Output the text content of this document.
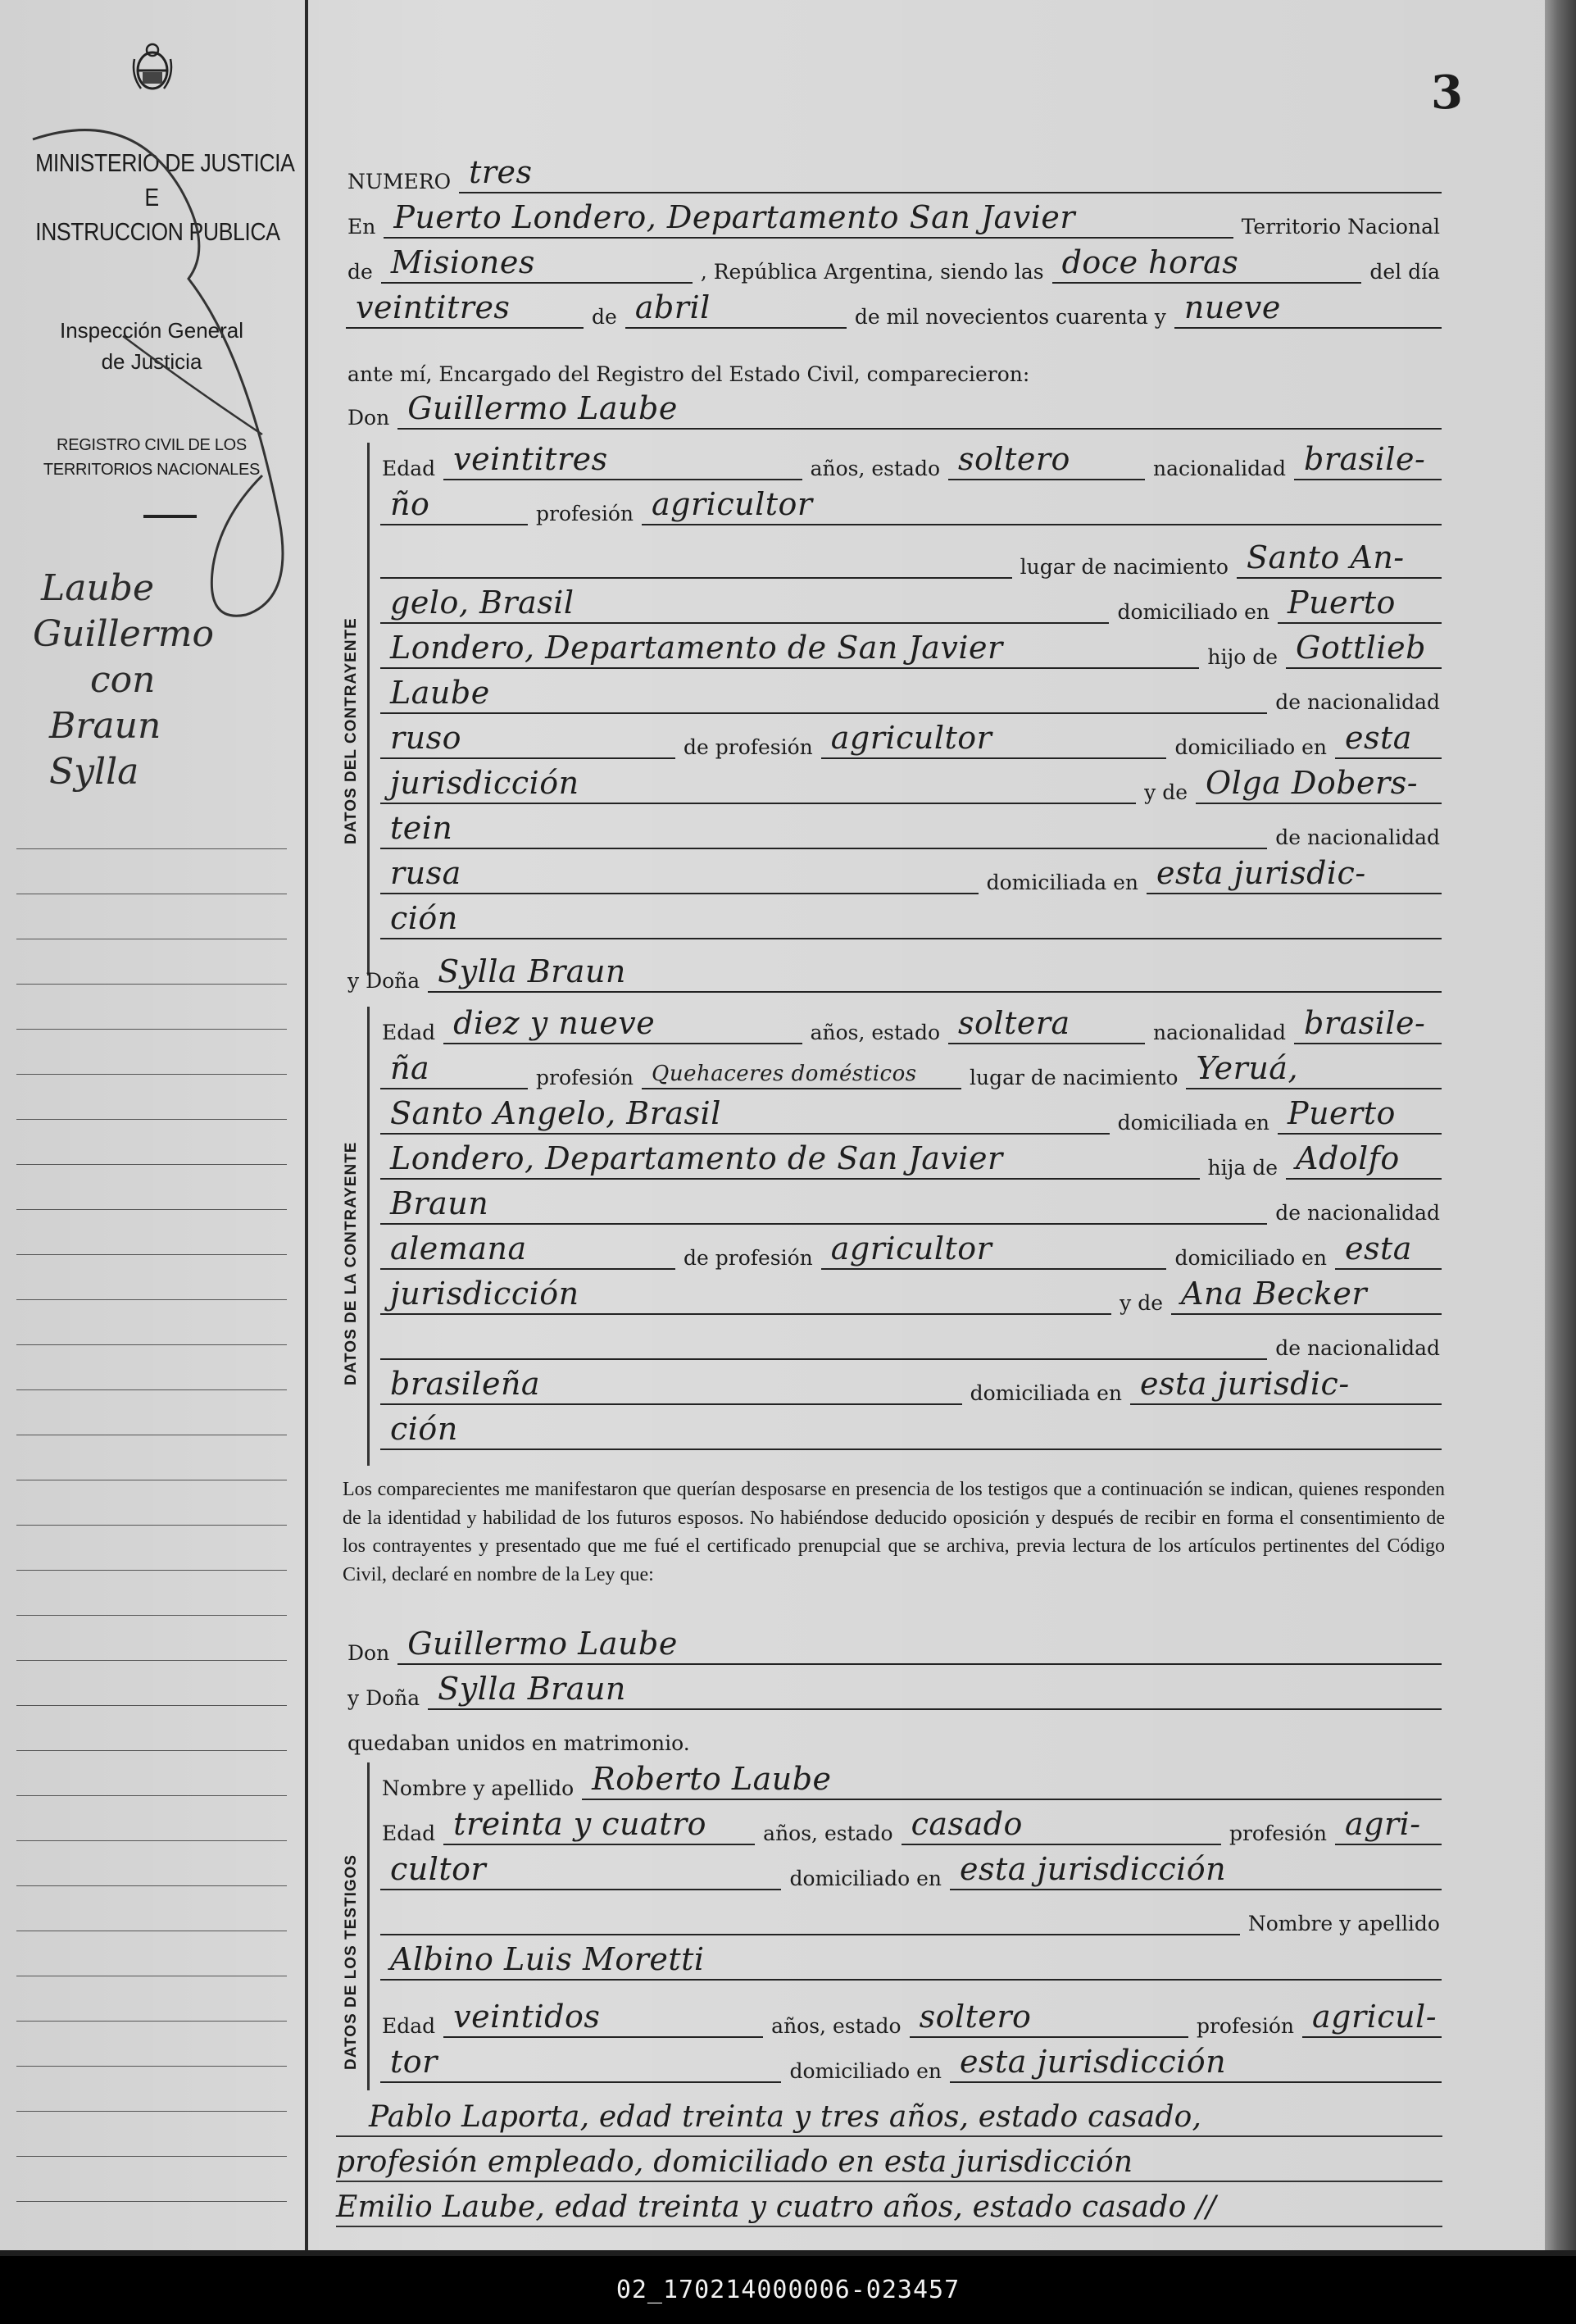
MINISTERIO DE JUSTICIA
E
INSTRUCCION PUBLICA
Inspección General
de Justicia
REGISTRO CIVIL DE LOS
TERRITORIOS NACIONALES
Laube
Guillermo
con
Braun
Sylla
3
NUMERO tres
En Puerto Londero, Departamento San Javier	Territorio Nacional
de Misiones	, República Argentina, siendo las doce horas	del día
veintitres	de abril	de mil novecientos cuarenta y nueve
ante mí, Encargado del Registro del Estado Civil, comparecieron:
Don Guillermo Laube
DATOS DEL CONTRAYENTE
Edad veintitres	años, estado soltero	nacionalidad brasile-
ño	profesión agricultor
lugar de nacimiento Santo An-
gelo, Brasil	domiciliado en Puerto
Londero, Departamento de San Javier	hijo de Gottlieb
Laube	de nacionalidad
ruso	de profesión agricultor	domiciliado en esta
jurisdicción	y de Olga Dobers-
tein	de nacionalidad
rusa	domiciliada en esta jurisdic-
ción
y Doña Sylla Braun
DATOS DE LA CONTRAYENTE
Edad diez y nueve	años, estado soltera	nacionalidad brasile-
ña	profesión Quehaceres domésticos	lugar de nacimiento Yeruá,
Santo Angelo, Brasil	domiciliada en Puerto
Londero, Departamento de San Javier	hija de Adolfo
Braun	de nacionalidad
alemana	de profesión agricultor	domiciliado en esta
jurisdicción	y de Ana Becker
de nacionalidad
brasileña	domiciliada en esta jurisdic-
ción
Los comparecientes me manifestaron que querían desposarse en presencia de los testigos que a continuación se indican, quienes responden de la identidad y habilidad de los futuros esposos. No habiéndose deducido oposición y después de recibir en forma el consentimiento de los contrayentes y presentado que me fué el certificado prenupcial que se archiva, previa lectura de los artículos pertinentes del Código Civil, declaré en nombre de la Ley que:
Don Guillermo Laube
y Doña Sylla Braun
quedaban unidos en matrimonio.
DATOS DE LOS TESTIGOS
Nombre y apellido Roberto Laube
Edad treinta y cuatro	años, estado casado	profesión agri-
cultor	domiciliado en esta jurisdicción
Nombre y apellido
Albino Luis Moretti
Edad veintidos	años, estado soltero	profesión agricul-
tor	domiciliado en esta jurisdicción
Pablo Laporta, edad treinta y tres años, estado casado,
profesión empleado, domiciliado en esta jurisdicción
Emilio Laube, edad treinta y cuatro años, estado casado //
02_170214000006-023457
